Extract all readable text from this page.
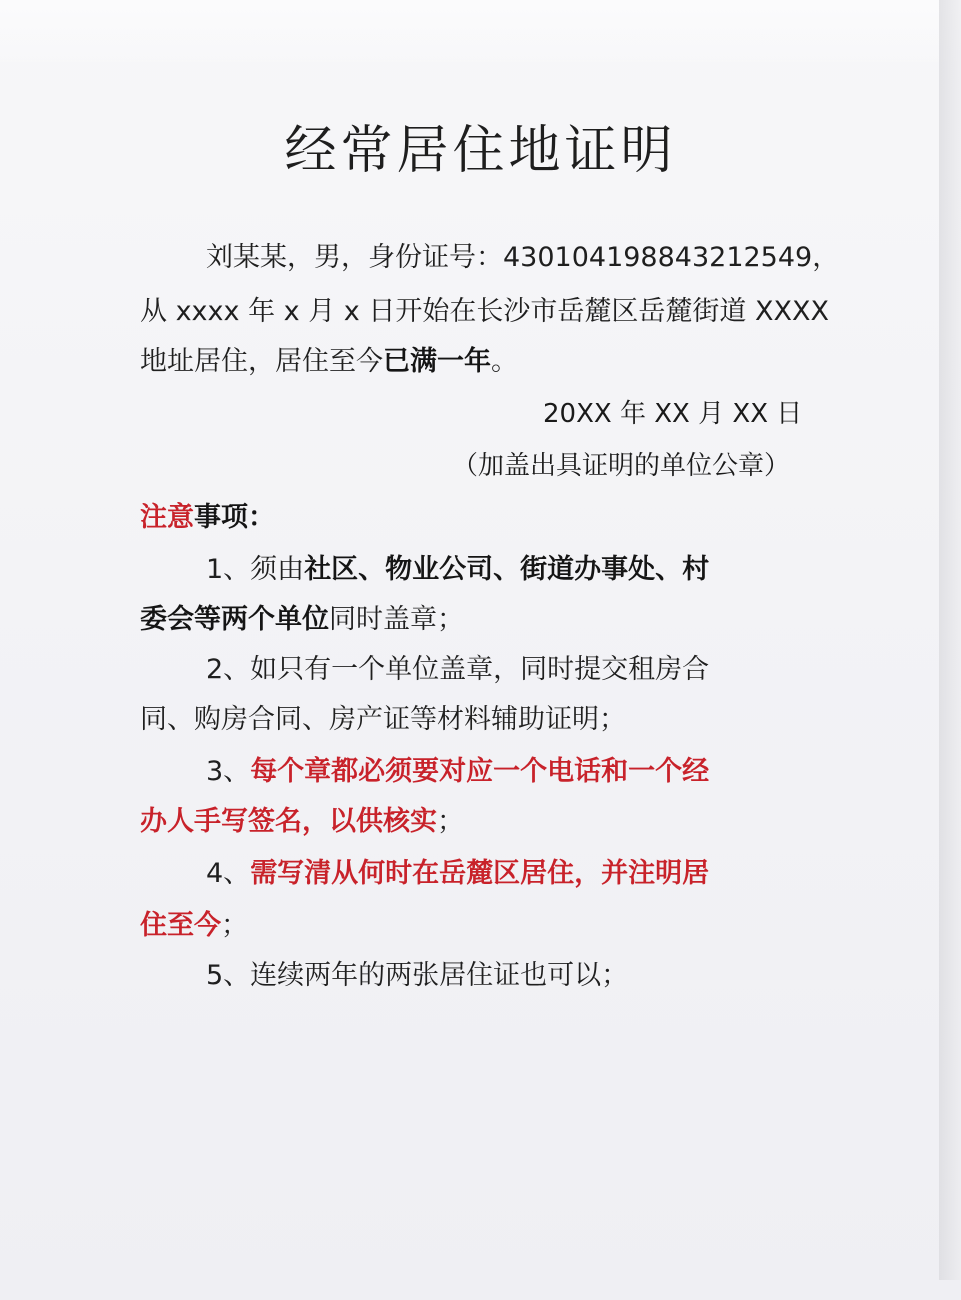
经常居住地证明
刘某某，男，身份证号：430104198843212549，
从 xxxx 年 x 月 x 日开始在长沙市岳麓区岳麓街道 XXXX
地址居住，居住至今已满一年。
20XX 年 XX 月 XX 日
（加盖出具证明的单位公章）
注意事项：
1、须由社区、物业公司、街道办事处、村
委会等两个单位同时盖章；
2、如只有一个单位盖章，同时提交租房合
同、购房合同、房产证等材料辅助证明；
3、每个章都必须要对应一个电话和一个经
办人手写签名，以供核实；
4、需写清从何时在岳麓区居住，并注明居
住至今；
5、连续两年的两张居住证也可以；
